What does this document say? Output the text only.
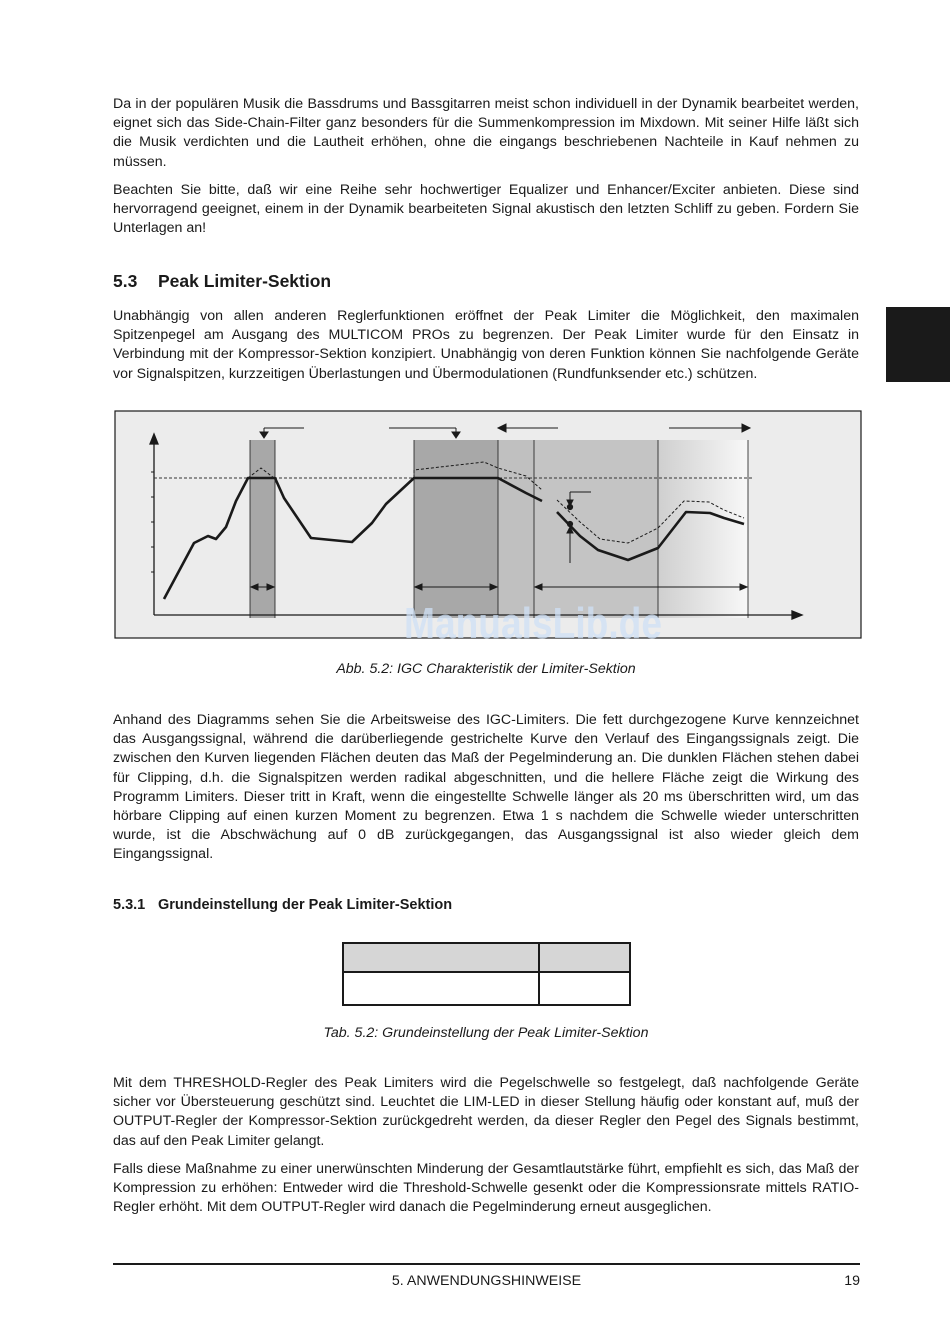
Da in der populären Musik die Bassdrums und Bassgitarren meist schon individuell in der Dynamik bearbeitet werden, eignet sich das Side-Chain-Filter ganz besonders für die Summenkompression im Mixdown. Mit seiner Hilfe läßt sich die Musik verdichten und die Lautheit erhöhen, ohne die eingangs beschriebenen Nachteile in Kauf nehmen zu müssen.

Beachten Sie bitte, daß wir eine Reihe sehr hochwertiger Equalizer und Enhancer/Exciter anbieten. Diese sind hervorragend geeignet, einem in der Dynamik bearbeiteten Signal akustisch den letzten Schliff zu geben. Fordern Sie Unterlagen an!

5.3 Peak Limiter-Sektion

Unabhängig von allen anderen Reglerfunktionen eröffnet der Peak Limiter die Möglichkeit, den maximalen Spitzenpegel am Ausgang des MULTICOM PROs zu begrenzen. Der Peak Limiter wurde für den Einsatz in Verbindung mit der Kompressor-Sektion konzipiert. Unabhängig von deren Funktion können Sie nachfolgende Geräte vor Signalspitzen, kurzzeitigen Überlastungen und Übermodulationen (Rundfunksender etc.) schützen.

ManualsLib.de

Abb. 5.2: IGC Charakteristik der Limiter-Sektion

Anhand des Diagramms sehen Sie die Arbeitsweise des IGC-Limiters. Die fett durchgezogene Kurve kennzeichnet das Ausgangssignal, während die darüberliegende gestrichelte Kurve den Verlauf des Eingangssignals zeigt. Die zwischen den Kurven liegenden Flächen deuten das Maß der Pegelminderung an. Die dunklen Flächen stehen dabei für Clipping, d.h. die Signalspitzen werden radikal abgeschnitten, und die hellere Fläche zeigt die Wirkung des Programm Limiters. Dieser tritt in Kraft, wenn die eingestellte Schwelle länger als 20 ms überschritten wird, um das hörbare Clipping auf einen kurzen Moment zu begrenzen. Etwa 1 s nachdem die Schwelle wieder unterschritten wurde, ist die Abschwächung auf 0 dB zurückgegangen, das Ausgangssignal ist also wieder gleich dem Eingangssignal.

5.3.1 Grundeinstellung der Peak Limiter-Sektion

Tab. 5.2: Grundeinstellung der Peak Limiter-Sektion

Mit dem THRESHOLD-Regler des Peak Limiters wird die Pegelschwelle so festgelegt, daß nachfolgende Geräte sicher vor Übersteuerung geschützt sind. Leuchtet die LIM-LED in dieser Stellung häufig oder konstant auf, muß der OUTPUT-Regler der Kompressor-Sektion zurückgedreht werden, da dieser Regler den Pegel des Signals bestimmt, das auf den Peak Limiter gelangt.

Falls diese Maßnahme zu einer unerwünschten Minderung der Gesamtlautstärke führt, empfiehlt es sich, das Maß der Kompression zu erhöhen: Entweder wird die Threshold-Schwelle gesenkt oder die Kompressionsrate mittels RATIO-Regler erhöht. Mit dem OUTPUT-Regler wird danach die Pegelminderung erneut ausgeglichen.

5. ANWENDUNGSHINWEISE	19
